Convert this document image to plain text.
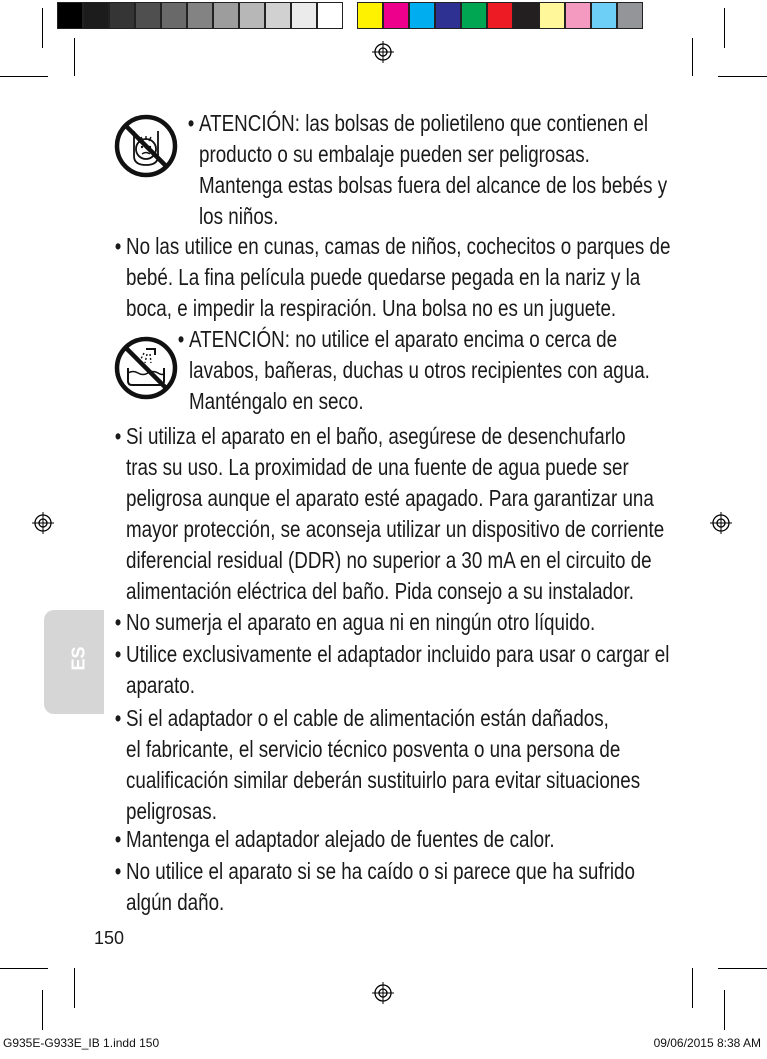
• ATENCIÓN: las bolsas de polietileno que contienen el
producto o su embalaje pueden ser peligrosas.
Mantenga estas bolsas fuera del alcance de los bebés y
los niños.
• No las utilice en cunas, camas de niños, cochecitos o parques de
bebé. La fina película puede quedarse pegada en la nariz y la
boca, e impedir la respiración. Una bolsa no es un juguete.
• ATENCIÓN: no utilice el aparato encima o cerca de
lavabos, bañeras, duchas u otros recipientes con agua.
Manténgalo en seco.
• Si utiliza el aparato en el baño, asegúrese de desenchufarlo
tras su uso. La proximidad de una fuente de agua puede ser
peligrosa aunque el aparato esté apagado. Para garantizar una
mayor protección, se aconseja utilizar un dispositivo de corriente
diferencial residual (DDR) no superior a 30 mA en el circuito de
alimentación eléctrica del baño. Pida consejo a su instalador.
• No sumerja el aparato en agua ni en ningún otro líquido.
• Utilice exclusivamente el adaptador incluido para usar o cargar el
aparato.
• Si el adaptador o el cable de alimentación están dañados,
el fabricante, el servicio técnico posventa o una persona de
cualificación similar deberán sustituirlo para evitar situaciones
peligrosas.
• Mantenga el adaptador alejado de fuentes de calor.
• No utilice el aparato si se ha caído o si parece que ha sufrido
algún daño.
ES
150
G935E-G933E_IB 1.indd 150	09/06/2015 8:38 AM
